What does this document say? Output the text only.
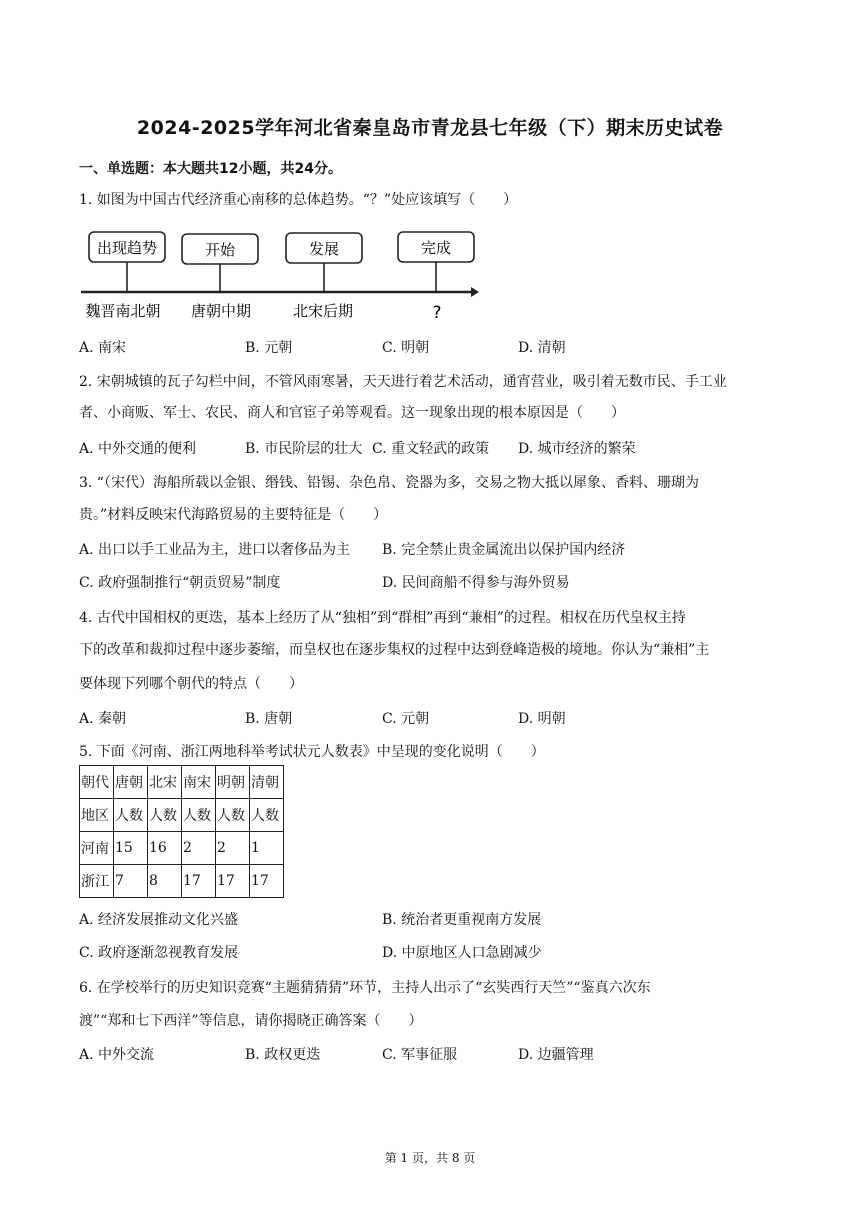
2024-2025学年河北省秦皇岛市青龙县七年级（下）期末历史试卷
一、单选题：本大题共12小题，共24分。
1. 如图为中国古代经济重心南移的总体趋势。“？”处应该填写（　　）
出现趋势
魏晋南北朝
开始
唐朝中期
发展
北宋后期
完成
?
A. 南宋	B. 元朝	C. 明朝	D. 清朝
2. 宋朝城镇的瓦子勾栏中间，不管风雨寒暑，天天进行着艺术活动，通宵营业，吸引着无数市民、手工业
者、小商贩、军士、农民、商人和官宦子弟等观看。这一现象出现的根本原因是（　　）
A. 中外交通的便利	B. 市民阶层的壮大 C. 重文轻武的政策 D. 城市经济的繁荣
3. “（宋代）海船所载以金银、缗钱、铅锡、杂色帛、瓷器为多，交易之物大抵以犀象、香料、珊瑚为
贵。”材料反映宋代海路贸易的主要特征是（　　）
A. 出口以手工业品为主，进口以奢侈品为主 B. 完全禁止贵金属流出以保护国内经济
C. 政府强制推行“朝贡贸易”制度	D. 民间商船不得参与海外贸易
4. 古代中国相权的更迭，基本上经历了从“独相”到“群相”再到“兼相”的过程。相权在历代皇权主持
下的改革和裁抑过程中逐步萎缩，而皇权也在逐步集权的过程中达到登峰造极的境地。你认为“兼相”主
要体现下列哪个朝代的特点（　　）
A. 秦朝	B. 唐朝	C. 元朝	D. 明朝
5. 下面《河南、浙江两地科举考试状元人数表》中呈现的变化说明（　　）
朝代	唐朝	北宋	南宋	明朝	清朝
地区	人数	人数	人数	人数	人数
河南	15	16	2	2	1
浙江	7	8	17	17	17
A. 经济发展推动文化兴盛	B. 统治者更重视南方发展
C. 政府逐渐忽视教育发展	D. 中原地区人口急剧减少
6. 在学校举行的历史知识竞赛“主题猜猜猜”环节，主持人出示了“玄奘西行天竺”“鉴真六次东
渡”“郑和七下西洋”等信息，请你揭晓正确答案（　　）
A. 中外交流	B. 政权更迭	C. 军事征服	D. 边疆管理
第 1 页，共 8 页
